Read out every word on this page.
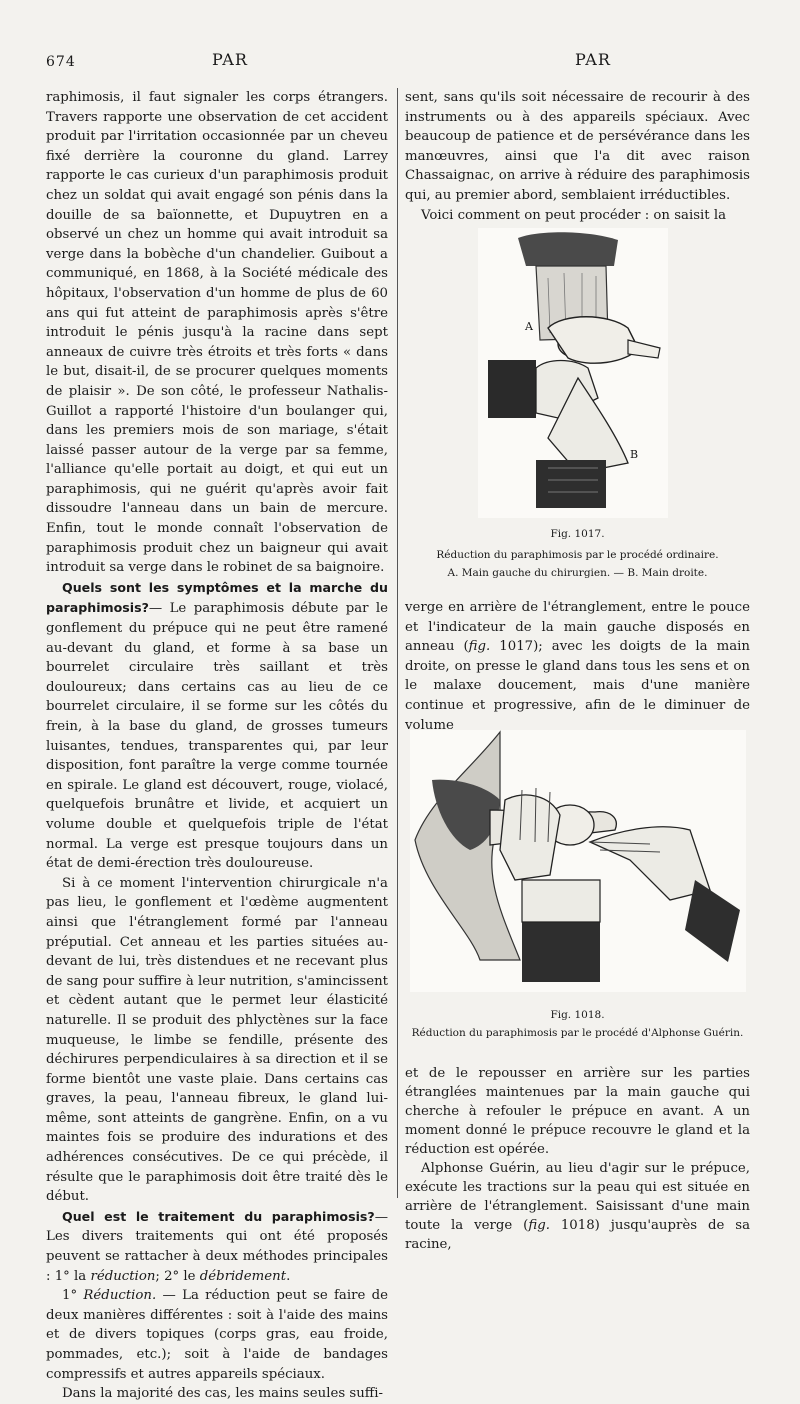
674	PAR	PAR

raphimosis, il faut signaler les corps étrangers. Travers rapporte une observation de cet accident produit par l'irritation occasionnée par un cheveu fixé derrière la couronne du gland. Larrey rapporte le cas curieux d'un paraphimosis produit chez un soldat qui avait engagé son pénis dans la douille de sa baïonnette, et Dupuytren en a observé un chez un homme qui avait introduit sa verge dans la bobèche d'un chandelier. Guibout a communiqué, en 1868, à la Société médicale des hôpitaux, l'observation d'un homme de plus de 60 ans qui fut atteint de paraphimosis après s'être introduit le pénis jusqu'à la racine dans sept anneaux de cuivre très étroits et très forts « dans le but, disait-il, de se procurer quelques moments de plaisir ». De son côté, le professeur Nathalis-Guillot a rapporté l'histoire d'un boulanger qui, dans les premiers mois de son mariage, s'était laissé passer autour de la verge par sa femme, l'alliance qu'elle portait au doigt, et qui eut un paraphimosis, qui ne guérit qu'après avoir fait dissoudre l'anneau dans un bain de mercure. Enfin, tout le monde connaît l'observation de paraphimosis produit chez un baigneur qui avait introduit sa verge dans le robinet de sa baignoire.

Quels sont les symptômes et la marche du paraphimosis?— Le paraphimosis débute par le gonflement du prépuce qui ne peut être ramené au-devant du gland, et forme à sa base un bourrelet circulaire très saillant et très douloureux; dans certains cas au lieu de ce bourrelet circulaire, il se forme sur les côtés du frein, à la base du gland, de grosses tumeurs luisantes, tendues, transparentes qui, par leur disposition, font paraître la verge comme tournée en spirale. Le gland est découvert, rouge, violacé, quelquefois brunâtre et livide, et acquiert un volume double et quelquefois triple de l'état normal. La verge est presque toujours dans un état de demi-érection très douloureuse.

Si à ce moment l'intervention chirurgicale n'a pas lieu, le gonflement et l'œdème augmentent ainsi que l'étranglement formé par l'anneau préputial. Cet anneau et les parties situées au-devant de lui, très distendues et ne recevant plus de sang pour suffire à leur nutrition, s'amincissent et cèdent autant que le permet leur élasticité naturelle. Il se produit des phlyctènes sur la face muqueuse, le limbe se fendille, présente des déchirures perpendiculaires à sa direction et il se forme bientôt une vaste plaie. Dans certains cas graves, la peau, l'anneau fibreux, le gland lui-même, sont atteints de gangrène. Enfin, on a vu maintes fois se produire des indurations et des adhérences consécutives. De ce qui précède, il résulte que le paraphimosis doit être traité dès le début.

Quel est le traitement du paraphimosis?— Les divers traitements qui ont été proposés peuvent se rattacher à deux méthodes principales : 1° la réduction; 2° le débridement.

1° Réduction. — La réduction peut se faire de deux manières différentes : soit à l'aide des mains et de divers topiques (corps gras, eau froide, pommades, etc.); soit à l'aide de bandages compressifs et autres appareils spéciaux.

Dans la majorité des cas, les mains seules suffi-

sent, sans qu'ils soit nécessaire de recourir à des instruments ou à des appareils spéciaux. Avec beaucoup de patience et de persévérance dans les manœuvres, ainsi que l'a dit avec raison Chassaignac, on arrive à réduire des paraphimosis qui, au premier abord, semblaient irréductibles.

Voici comment on peut procéder : on saisit la

A
B
Fig. 1017.
Réduction du paraphimosis par le procédé ordinaire.
A. Main gauche du chirurgien. — B. Main droite.

verge en arrière de l'étranglement, entre le pouce et l'indicateur de la main gauche disposés en anneau (fig. 1017); avec les doigts de la main droite, on presse le gland dans tous les sens et on le malaxe doucement, mais d'une manière continue et progressive, afin de le diminuer de volume

Fig. 1018.
Réduction du paraphimosis par le procédé d'Alphonse Guérin.

et de le repousser en arrière sur les parties étranglées maintenues par la main gauche qui cherche à refouler le prépuce en avant. A un moment donné le prépuce recouvre le gland et la réduction est opérée.

Alphonse Guérin, au lieu d'agir sur le prépuce, exécute les tractions sur la peau qui est située en arrière de l'étranglement. Saisissant d'une main toute la verge (fig. 1018) jusqu'auprès de sa racine,
